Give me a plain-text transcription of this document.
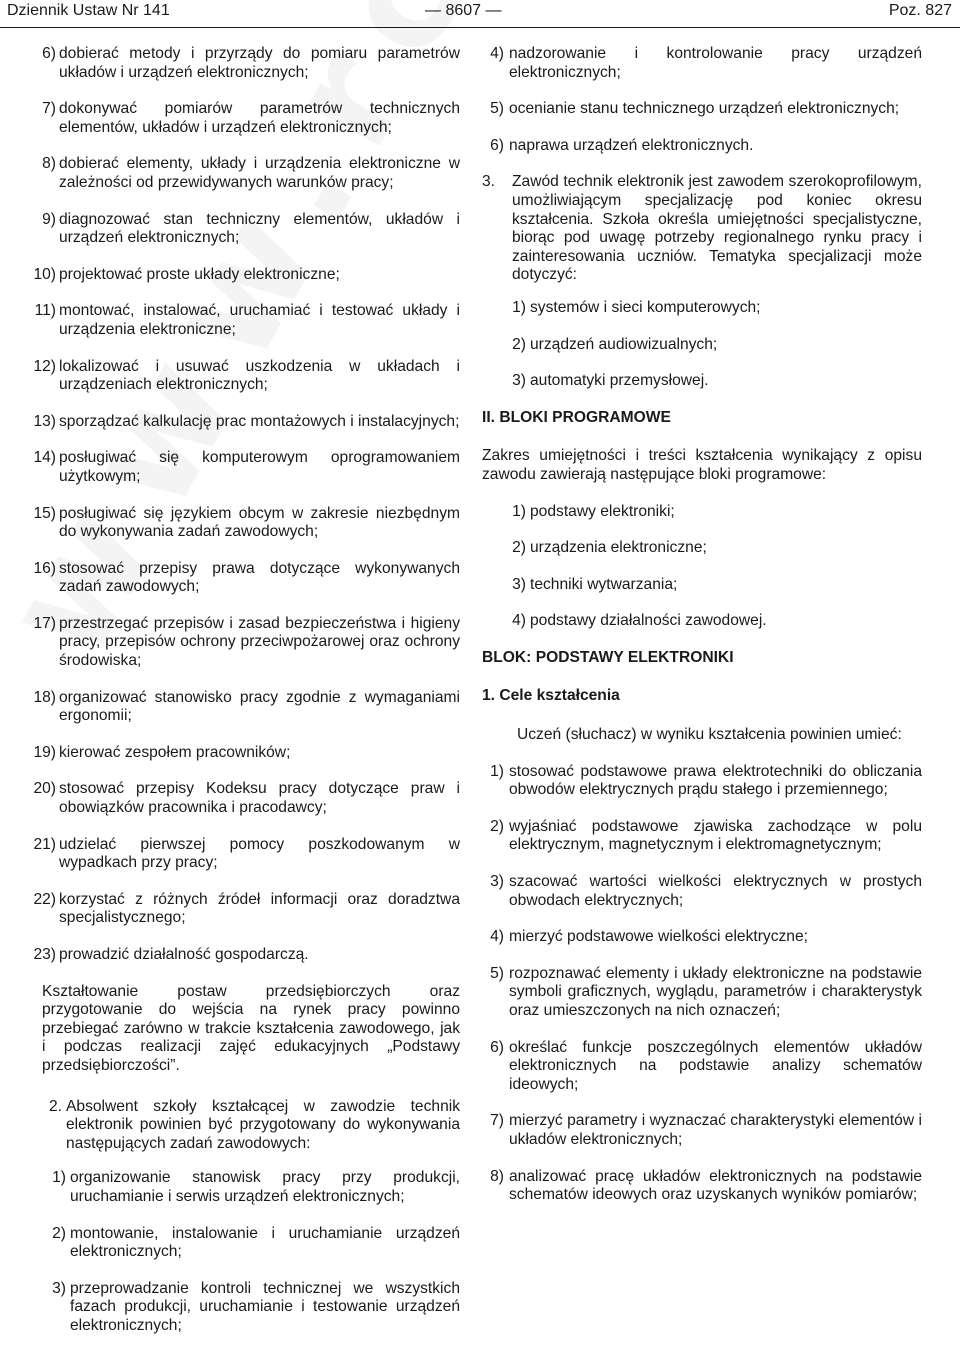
Dziennik Ustaw Nr 141	— 8607 —	Poz. 827
6) dobierać metody i przyrządy do pomiaru parametrów układów i urządzeń elektronicznych;
7) dokonywać pomiarów parametrów technicznych elementów, układów i urządzeń elektronicznych;
8) dobierać elementy, układy i urządzenia elektroniczne w zależności od przewidywanych warunków pracy;
9) diagnozować stan techniczny elementów, układów i urządzeń elektronicznych;
10) projektować proste układy elektroniczne;
11) montować, instalować, uruchamiać i testować układy i urządzenia elektroniczne;
12) lokalizować i usuwać uszkodzenia w układach i urządzeniach elektronicznych;
13) sporządzać kalkulację prac montażowych i instalacyjnych;
14) posługiwać się komputerowym oprogramowaniem użytkowym;
15) posługiwać się językiem obcym w zakresie niezbędnym do wykonywania zadań zawodowych;
16) stosować przepisy prawa dotyczące wykonywanych zadań zawodowych;
17) przestrzegać przepisów i zasad bezpieczeństwa i higieny pracy, przepisów ochrony przeciwpożarowej oraz ochrony środowiska;
18) organizować stanowisko pracy zgodnie z wymaganiami ergonomii;
19) kierować zespołem pracowników;
20) stosować przepisy Kodeksu pracy dotyczące praw i obowiązków pracownika i pracodawcy;
21) udzielać pierwszej pomocy poszkodowanym w wypadkach przy pracy;
22) korzystać z różnych źródeł informacji oraz doradztwa specjalistycznego;
23) prowadzić działalność gospodarczą.
Kształtowanie postaw przedsiębiorczych oraz przygotowanie do wejścia na rynek pracy powinno przebiegać zarówno w trakcie kształcenia zawodowego, jak i podczas realizacji zajęć edukacyjnych „Podstawy przedsiębiorczości”.
2. Absolwent szkoły kształcącej w zawodzie technik elektronik powinien być przygotowany do wykonywania następujących zadań zawodowych:
1) organizowanie stanowisk pracy przy produkcji, uruchamianie i serwis urządzeń elektronicznych;
2) montowanie, instalowanie i uruchamianie urządzeń elektronicznych;
3) przeprowadzanie kontroli technicznej we wszystkich fazach produkcji, uruchamianie i testowanie urządzeń elektronicznych;
4) nadzorowanie i kontrolowanie pracy urządzeń elektronicznych;
5) ocenianie stanu technicznego urządzeń elektronicznych;
6) naprawa urządzeń elektronicznych.
3.	Zawód technik elektronik jest zawodem szerokoprofilowym, umożliwiającym specjalizację pod koniec okresu kształcenia. Szkoła określa umiejętności specjalistyczne, biorąc pod uwagę potrzeby regionalnego rynku pracy i zainteresowania uczniów. Tematyka specjalizacji może dotyczyć:
1) systemów i sieci komputerowych;
2) urządzeń audiowizualnych;
3) automatyki przemysłowej.
II. BLOKI PROGRAMOWE
Zakres umiejętności i treści kształcenia wynikający z opisu zawodu zawierają następujące bloki programowe:
1) podstawy elektroniki;
2) urządzenia elektroniczne;
3) techniki wytwarzania;
4) podstawy działalności zawodowej.
BLOK: PODSTAWY ELEKTRONIKI
1. Cele kształcenia
Uczeń (słuchacz) w wyniku kształcenia powinien umieć:
1) stosować podstawowe prawa elektrotechniki do obliczania obwodów elektrycznych prądu stałego i przemiennego;
2) wyjaśniać podstawowe zjawiska zachodzące w polu elektrycznym, magnetycznym i elektromagnetycznym;
3) szacować wartości wielkości elektrycznych w prostych obwodach elektrycznych;
4) mierzyć podstawowe wielkości elektryczne;
5) rozpoznawać elementy i układy elektroniczne na podstawie symboli graficznych, wyglądu, parametrów i charakterystyk oraz umieszczonych na nich oznaczeń;
6) określać funkcje poszczególnych elementów układów elektronicznych na podstawie analizy schematów ideowych;
7) mierzyć parametry i wyznaczać charakterystyki elementów i układów elektronicznych;
8) analizować pracę układów elektronicznych na podstawie schematów ideowych oraz uzyskanych wyników pomiarów;
